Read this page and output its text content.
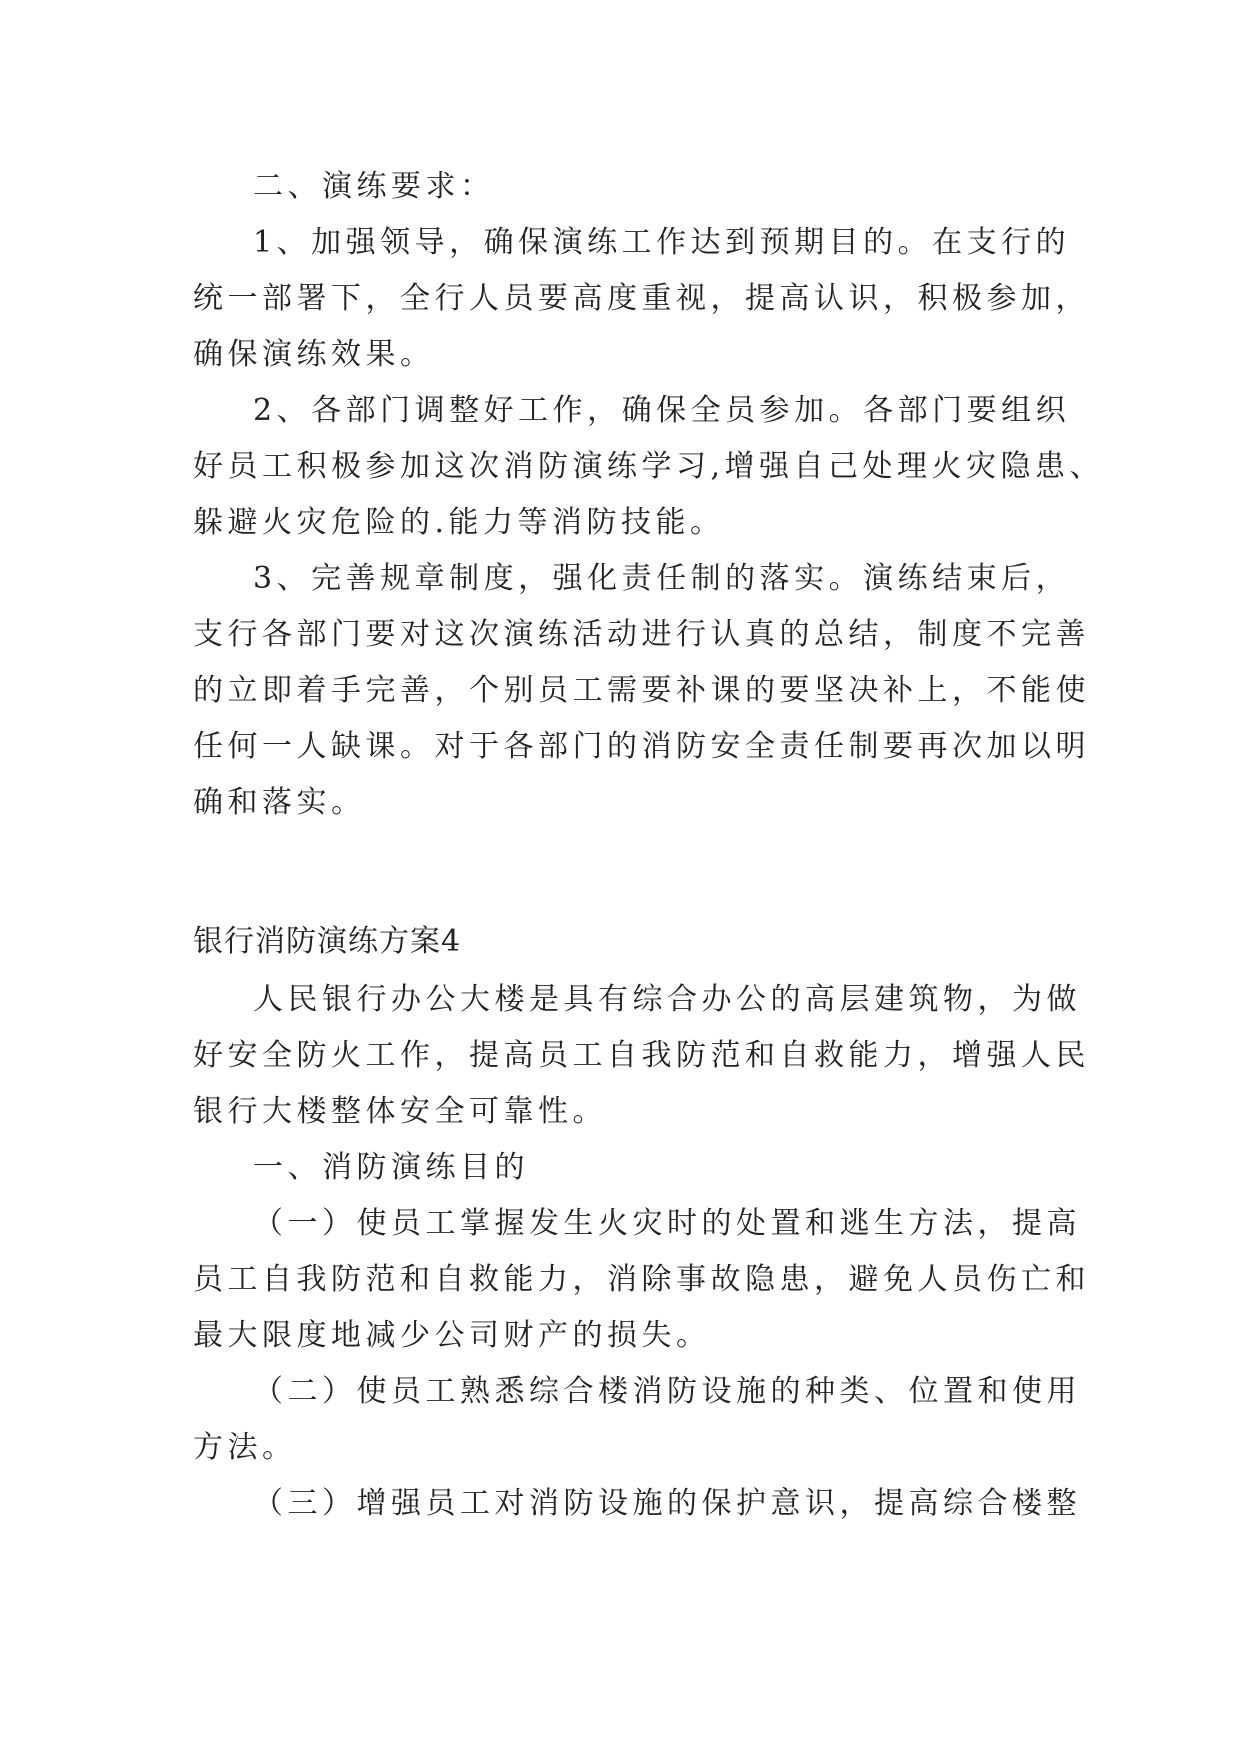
二、演练要求：
1、加强领导，确保演练工作达到预期目的。在支行的
统一部署下，全行人员要高度重视，提高认识，积极参加，
确保演练效果。
2、各部门调整好工作，确保全员参加。各部门要组织
好员工积极参加这次消防演练学习,增强自己处理火灾隐患、
躲避火灾危险的.能力等消防技能。
3、完善规章制度，强化责任制的落实。演练结束后，
支行各部门要对这次演练活动进行认真的总结，制度不完善
的立即着手完善，个别员工需要补课的要坚决补上，不能使
任何一人缺课。对于各部门的消防安全责任制要再次加以明
确和落实。
银行消防演练方案4
人民银行办公大楼是具有综合办公的高层建筑物，为做
好安全防火工作，提高员工自我防范和自救能力，增强人民
银行大楼整体安全可靠性。
一、消防演练目的
（一）使员工掌握发生火灾时的处置和逃生方法，提高
员工自我防范和自救能力，消除事故隐患，避免人员伤亡和
最大限度地减少公司财产的损失。
（二）使员工熟悉综合楼消防设施的种类、位置和使用
方法。
（三）增强员工对消防设施的保护意识，提高综合楼整
